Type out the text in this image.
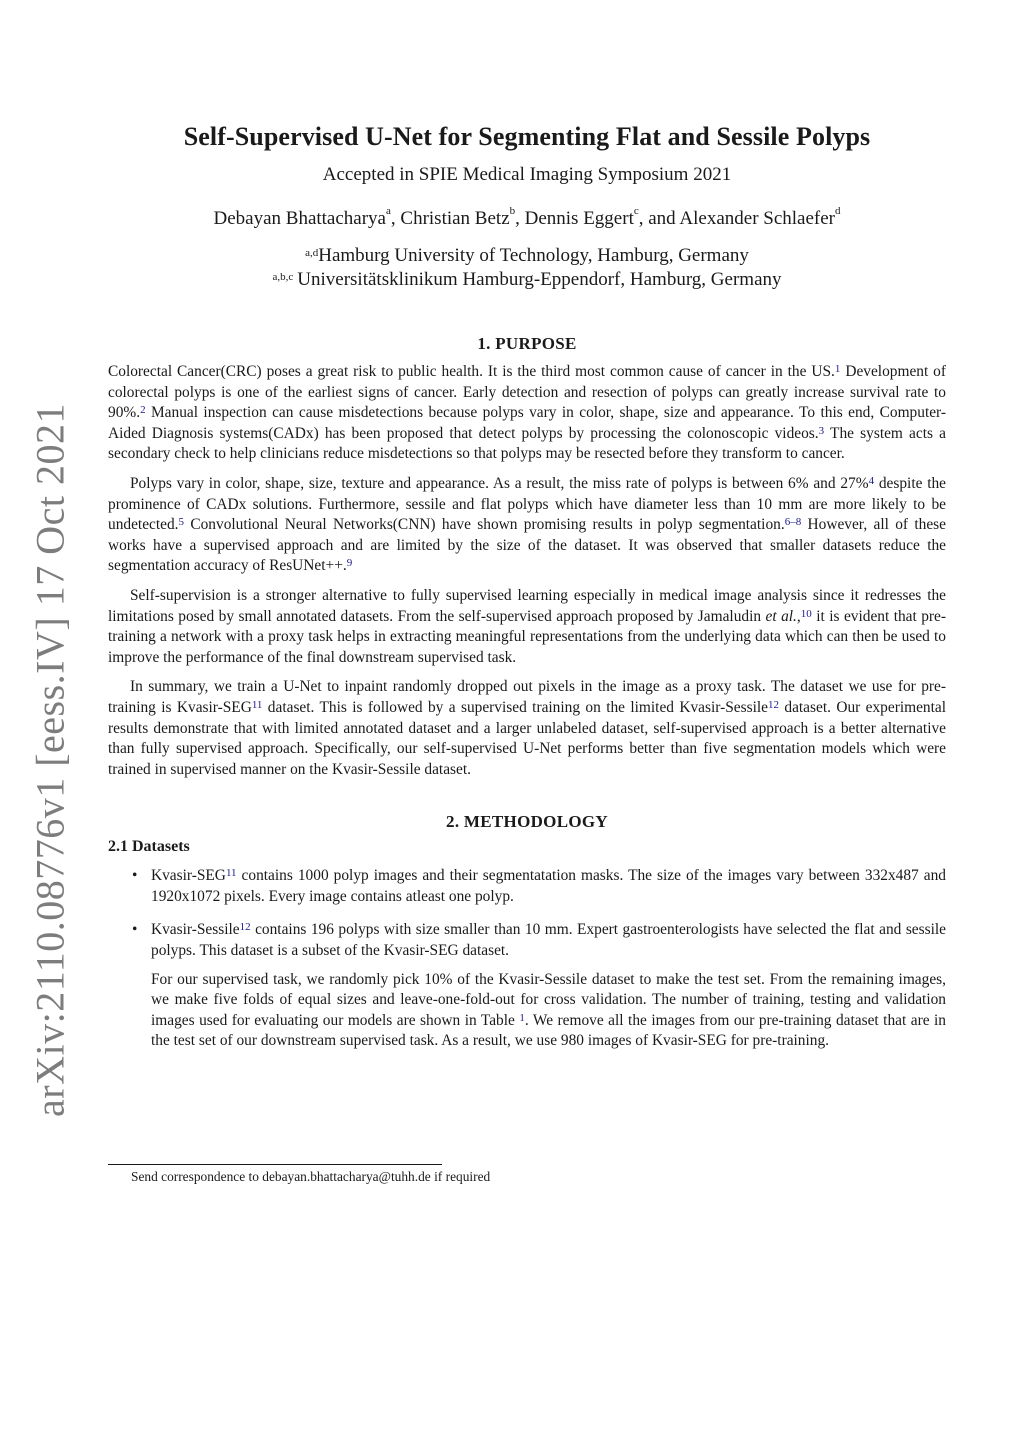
arXiv:2110.08776v1 [eess.IV] 17 Oct 2021
Self-Supervised U-Net for Segmenting Flat and Sessile Polyps
Accepted in SPIE Medical Imaging Symposium 2021
Debayan Bhattacharya$^a$, Christian Betz$^b$, Dennis Eggert$^c$, and Alexander Schlaefer$^d$
$^{a,d}$Hamburg University of Technology, Hamburg, Germany
$^{a,b,c}$ Universitätsklinikum Hamburg-Eppendorf, Hamburg, Germany
1. PURPOSE

Colorectal Cancer(CRC) poses a great risk to public health. It is the third most common cause of cancer in the US.$^1$ Development of colorectal polyps is one of the earliest signs of cancer. Early detection and resection of polyps can greatly increase survival rate to 90%.$^2$ Manual inspection can cause misdetections because polyps vary in color, shape, size and appearance. To this end, Computer-Aided Diagnosis systems(CADx) has been proposed that detect polyps by processing the colonoscopic videos.$^3$ The system acts a secondary check to help clinicians reduce misdetections so that polyps may be resected before they transform to cancer.

Polyps vary in color, shape, size, texture and appearance. As a result, the miss rate of polyps is between 6% and 27%$^4$ despite the prominence of CADx solutions. Furthermore, sessile and flat polyps which have diameter less than 10 mm are more likely to be undetected.$^5$ Convolutional Neural Networks(CNN) have shown promising results in polyp segmentation.$^{6-8}$ However, all of these works have a supervised approach and are limited by the size of the dataset. It was observed that smaller datasets reduce the segmentation accuracy of ResUNet++.$^9$

Self-supervision is a stronger alternative to fully supervised learning especially in medical image analysis since it redresses the limitations posed by small annotated datasets. From the self-supervised approach proposed by Jamaludin et al.,$^{10}$ it is evident that pre-training a network with a proxy task helps in extracting meaningful representations from the underlying data which can then be used to improve the performance of the final downstream supervised task.

In summary, we train a U-Net to inpaint randomly dropped out pixels in the image as a proxy task. The dataset we use for pre-training is Kvasir-SEG$^{11}$ dataset. This is followed by a supervised training on the limited Kvasir-Sessile$^{12}$ dataset. Our experimental results demonstrate that with limited annotated dataset and a larger unlabeled dataset, self-supervised approach is a better alternative than fully supervised approach. Specifically, our self-supervised U-Net performs better than five segmentation models which were trained in supervised manner on the Kvasir-Sessile dataset.

2. METHODOLOGY
2.1 Datasets
• Kvasir-SEG$^{11}$ contains 1000 polyp images and their segmentatation masks. The size of the images vary between 332x487 and 1920x1072 pixels. Every image contains atleast one polyp.
• Kvasir-Sessile$^{12}$ contains 196 polyps with size smaller than 10 mm. Expert gastroenterologists have selected the flat and sessile polyps. This dataset is a subset of the Kvasir-SEG dataset.

For our supervised task, we randomly pick 10% of the Kvasir-Sessile dataset to make the test set. From the remaining images, we make five folds of equal sizes and leave-one-fold-out for cross validation. The number of training, testing and validation images used for evaluating our models are shown in Table $^1$. We remove all the images from our pre-training dataset that are in the test set of our downstream supervised task. As a result, we use 980 images of Kvasir-SEG for pre-training.

Send correspondence to debayan.bhattacharya@tuhh.de if required
